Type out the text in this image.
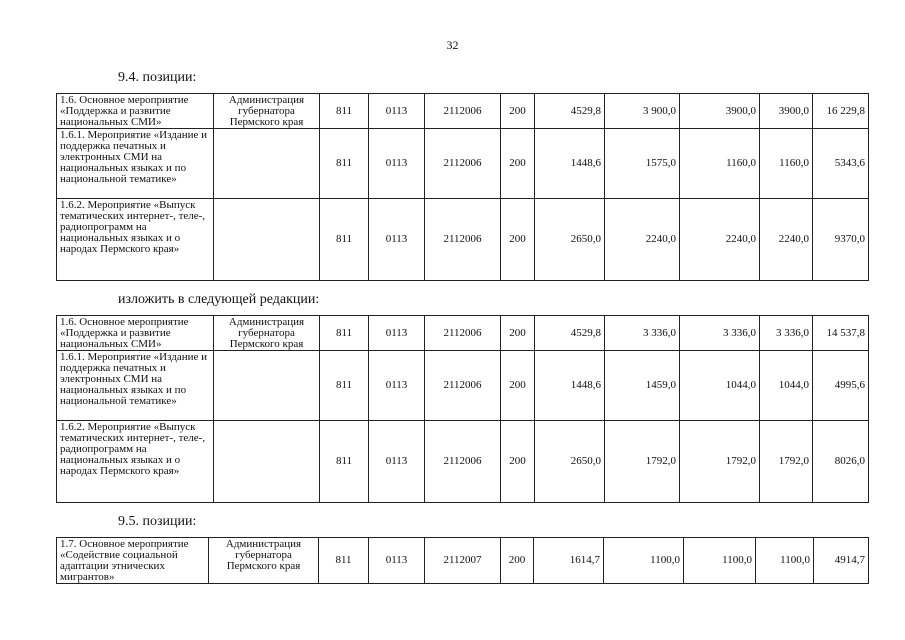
32
9.4. позиции:
1.6. Основное мероприятие «Поддержка и развитие национальных СМИ»	Администрация губернатора Пермского края	811	0113	2112006	200	4529,8	3 900,0	3900,0	3900,0	16 229,8
1.6.1. Мероприятие «Издание и поддержка печатных и электронных СМИ на национальных языках и по национальной тематике»		811	0113	2112006	200	1448,6	1575,0	1160,0	1160,0	5343,6
1.6.2. Мероприятие «Выпуск тематических интернет-, теле-, радиопрограмм на национальных языках и о народах Пермского края»		811	0113	2112006	200	2650,0	2240,0	2240,0	2240,0	9370,0
изложить в следующей редакции:
1.6. Основное мероприятие «Поддержка и развитие национальных СМИ»	Администрация губернатора Пермского края	811	0113	2112006	200	4529,8	3 336,0	3 336,0	3 336,0	14 537,8
1.6.1. Мероприятие «Издание и поддержка печатных и электронных СМИ на национальных языках и по национальной тематике»		811	0113	2112006	200	1448,6	1459,0	1044,0	1044,0	4995,6
1.6.2. Мероприятие «Выпуск тематических интернет-, теле-, радиопрограмм на национальных языках и о народах Пермского края»		811	0113	2112006	200	2650,0	1792,0	1792,0	1792,0	8026,0
9.5. позиции:
1.7. Основное мероприятие «Содействие социальной адаптации этнических мигрантов»	Администрация губернатора Пермского края	811	0113	2112007	200	1614,7	1100,0	1100,0	1100,0	4914,7
